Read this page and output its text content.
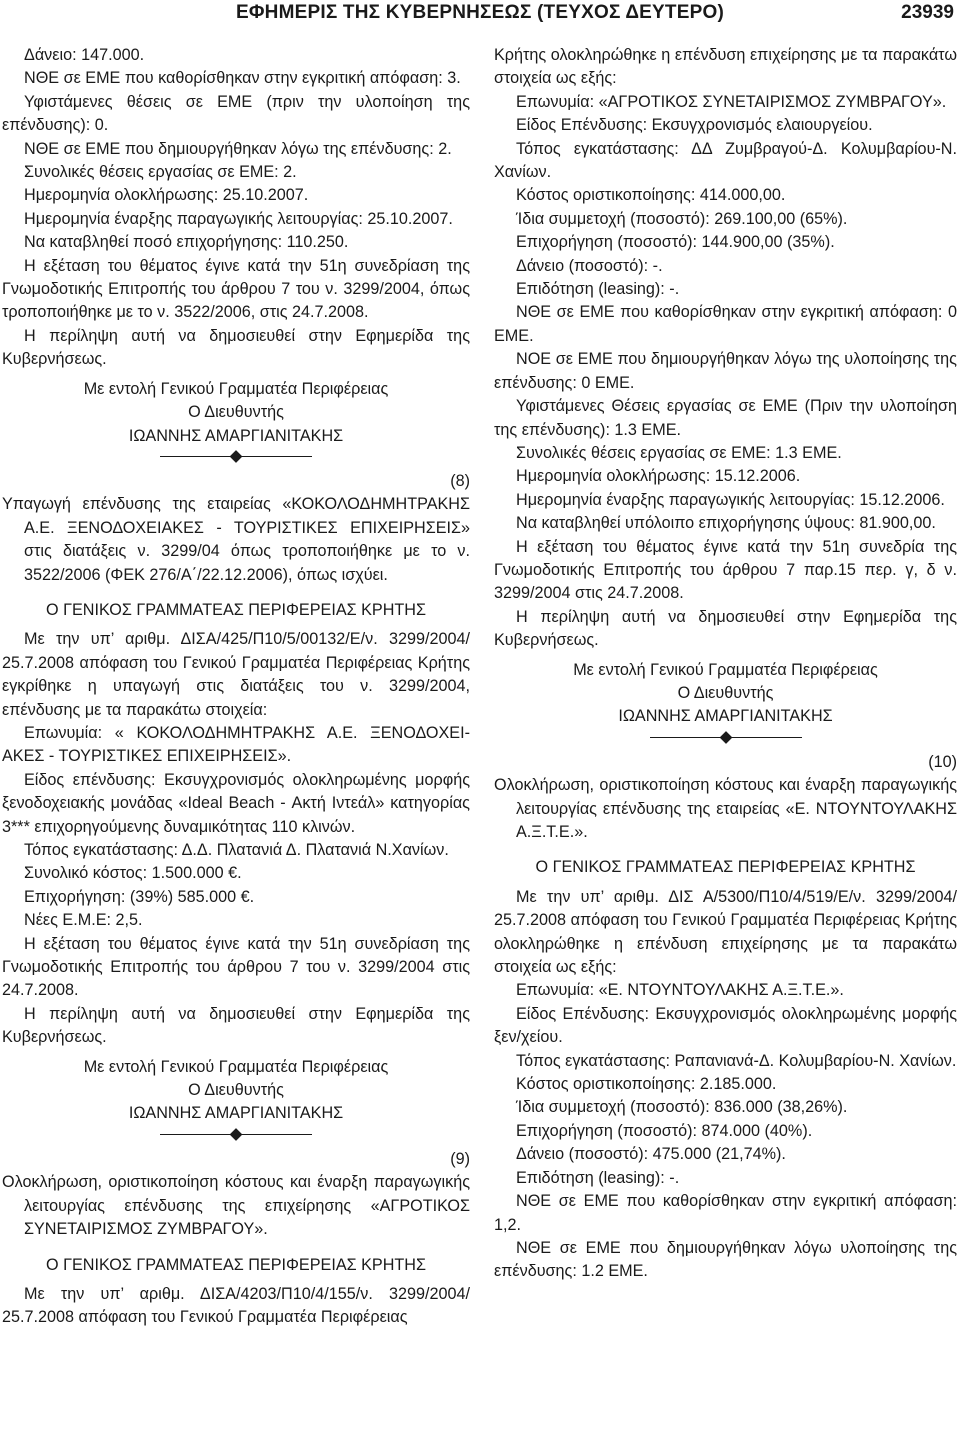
ΕΦΗΜΕΡΙΣ ΤΗΣ ΚΥΒΕΡΝΗΣΕΩΣ (ΤΕΥΧΟΣ ΔΕΥΤΕΡΟ)	23939

Δάνειο: 147.000.

ΝΘΕ σε ΕΜΕ που καθορίσθηκαν στην εγκριτική απόφαση: 3.

Υφιστάμενες θέσεις σε ΕΜΕ (πριν την υλοποίηση της επένδυσης): 0.

ΝΘΕ σε ΕΜΕ που δημιουργήθηκαν λόγω της επένδυσης: 2.

Συνολικές θέσεις εργασίας σε ΕΜΕ: 2.

Ημερομηνία ολοκλήρωσης: 25.10.2007.

Ημερομηνία έναρξης παραγωγικής λειτουργίας: 25.10.2007.

Να καταβληθεί ποσό επιχορήγησης: 110.250.

Η εξέταση του θέματος έγινε κατά την 51η συνεδρίαση της Γνωμοδοτικής Επιτροπής του άρθρου 7 του ν. 3299/2004, όπως τροποποιήθηκε με το ν. 3522/2006, στις 24.7.2008.

Η περίληψη αυτή να δημοσιευθεί στην Εφημερίδα της Κυβερνήσεως.

Με εντολή Γενικού Γραμματέα Περιφέρειας

Ο Διευθυντής

ΙΩΑΝΝΗΣ ΑΜΑΡΓΙΑΝΙΤΑΚΗΣ

(8)

Υπαγωγή επένδυσης της εταιρείας «ΚΟΚΟΛΟΔΗΜΗΤΡΑΚΗΣ Α.Ε. ΞΕΝΟΔΟΧΕΙΑΚΕΣ - ΤΟΥΡΙΣΤΙΚΕΣ ΕΠΙΧΕΙΡΗΣΕΙΣ» στις διατάξεις ν. 3299/04 όπως τροποποιήθηκε με το ν. 3522/2006 (ΦΕΚ 276/Α΄/22.12.2006), όπως ισχύει.

Ο ΓΕΝΙΚΟΣ ΓΡΑΜΜΑΤΕΑΣ ΠΕΡΙΦΕΡΕΙΑΣ ΚΡΗΤΗΣ

Με την υπ’ αριθμ. ΔΙΣΑ/425/Π10/5/00132/Ε/ν. 3299/2004/ 25.7.2008 απόφαση του Γενικού Γραμματέα Περιφέρειας Κρήτης εγκρίθηκε η υπαγωγή στις διατάξεις του ν. 3299/2004, επένδυσης με τα παρακάτω στοιχεία:

Επωνυμία: « ΚΟΚΟΛΟΔΗΜΗΤΡΑΚΗΣ Α.Ε. ΞΕΝΟΔΟΧΕΙΑΚΕΣ - ΤΟΥΡΙΣΤΙΚΕΣ ΕΠΙΧΕΙΡΗΣΕΙΣ».

Είδος επένδυσης: Εκσυγχρονισμός ολοκληρωμένης μορφής ξενοδοχειακής μονάδας «Ideal Beach - Ακτή Ιντεάλ» κατηγορίας 3*** επιχορηγούμενης δυναμικότητας 110 κλινών.

Τόπος εγκατάστασης: Δ.Δ. Πλατανιά Δ. Πλατανιά Ν.Χανίων.

Συνολικό κόστος: 1.500.000 €.

Επιχορήγηση: (39%) 585.000 €.

Νέες Ε.Μ.Ε: 2,5.

Η εξέταση του θέματος έγινε κατά την 51η συνεδρίαση της Γνωμοδοτικής Επιτροπής του άρθρου 7 του ν. 3299/2004 στις 24.7.2008.

Η περίληψη αυτή να δημοσιευθεί στην Εφημερίδα της Κυβερνήσεως.

Με εντολή Γενικού Γραμματέα Περιφέρειας

Ο Διευθυντής

ΙΩΑΝΝΗΣ ΑΜΑΡΓΙΑΝΙΤΑΚΗΣ

(9)

Ολοκλήρωση, οριστικοποίηση κόστους και έναρξη παραγωγικής λειτουργίας επένδυσης της επιχείρησης «ΑΓΡΟΤΙΚΟΣ ΣΥΝΕΤΑΙΡΙΣΜΟΣ ΖΥΜΒΡΑΓΟΥ».

Ο ΓΕΝΙΚΟΣ ΓΡΑΜΜΑΤΕΑΣ ΠΕΡΙΦΕΡΕΙΑΣ ΚΡΗΤΗΣ

Με την υπ’ αριθμ. ΔΙΣΑ/4203/Π10/4/155/ν. 3299/2004/ 25.7.2008 απόφαση του Γενικού Γραμματέα Περιφέρειας

Κρήτης ολοκληρώθηκε η επένδυση επιχείρησης με τα παρακάτω στοιχεία ως εξής:

Επωνυμία: «ΑΓΡΟΤΙΚΟΣ ΣΥΝΕΤΑΙΡΙΣΜΟΣ ΖΥΜΒΡΑΓΟΥ».

Είδος Επένδυσης: Εκσυγχρονισμός ελαιουργείου.

Τόπος εγκατάστασης: ΔΔ Ζυμβραγού-Δ. Κολυμβαρίου-Ν. Χανίων.

Κόστος οριστικοποίησης: 414.000,00.

Ίδια συμμετοχή (ποσοστό): 269.100,00 (65%).

Επιχορήγηση (ποσοστό): 144.900,00 (35%).

Δάνειο (ποσοστό): -.

Επιδότηση (leasing): -.

ΝΘΕ σε ΕΜΕ που καθορίσθηκαν στην εγκριτική απόφαση: 0 ΕΜΕ.

ΝΟΕ σε ΕΜΕ που δημιουργήθηκαν λόγω της υλοποίησης της επένδυσης: 0 ΕΜΕ.

Υφιστάμενες Θέσεις εργασίας σε ΕΜΕ (Πριν την υλοποίηση της επένδυσης): 1.3 ΕΜΕ.

Συνολικές θέσεις εργασίας σε ΕΜΕ: 1.3 ΕΜΕ.

Ημερομηνία ολοκλήρωσης: 15.12.2006.

Ημερομηνία έναρξης παραγωγικής λειτουργίας: 15.12.2006.

Να καταβληθεί υπόλοιπο επιχορήγησης ύψους: 81.900,00.

Η εξέταση του θέματος έγινε κατά την 51η συνεδρία της Γνωμοδοτικής Επιτροπής του άρθρου 7 παρ.15 περ. γ, δ ν. 3299/2004 στις 24.7.2008.

Η περίληψη αυτή να δημοσιευθεί στην Εφημερίδα της Κυβερνήσεως.

Με εντολή Γενικού Γραμματέα Περιφέρειας

Ο Διευθυντής

ΙΩΑΝΝΗΣ ΑΜΑΡΓΙΑΝΙΤΑΚΗΣ

(10)

Ολοκλήρωση, οριστικοποίηση κόστους και έναρξη παραγωγικής λειτουργίας επένδυσης της εταιρείας «Ε. ΝΤΟΥΝΤΟΥΛΑΚΗΣ Α.Ξ.Τ.Ε.».

Ο ΓΕΝΙΚΟΣ ΓΡΑΜΜΑΤΕΑΣ ΠΕΡΙΦΕΡΕΙΑΣ ΚΡΗΤΗΣ

Με την υπ’ αριθμ. ΔΙΣ Α/5300/Π10/4/519/Ε/ν. 3299/2004/ 25.7.2008 απόφαση του Γενικού Γραμματέα Περιφέρειας Κρήτης ολοκληρώθηκε η επένδυση επιχείρησης με τα παρακάτω στοιχεία ως εξής:

Επωνυμία: «Ε. ΝΤΟΥΝΤΟΥΛΑΚΗΣ Α.Ξ.Τ.Ε.».

Είδος Επένδυσης: Εκσυγχρονισμός ολοκληρωμένης μορφής ξεν/χείου.

Τόπος εγκατάστασης: Ραπανιανά-Δ. Κολυμβαρίου-Ν. Χανίων.

Κόστος οριστικοποίησης: 2.185.000.

Ίδια συμμετοχή (ποσοστό): 836.000 (38,26%).

Επιχορήγηση (ποσοστό): 874.000 (40%).

Δάνειο (ποσοστό): 475.000 (21,74%).

Επιδότηση (leasing): -.

ΝΘΕ σε ΕΜΕ που καθορίσθηκαν στην εγκριτική απόφαση: 1,2.

ΝΘΕ σε ΕΜΕ που δημιουργήθηκαν λόγω υλοποίησης της επένδυσης: 1.2 ΕΜΕ.
